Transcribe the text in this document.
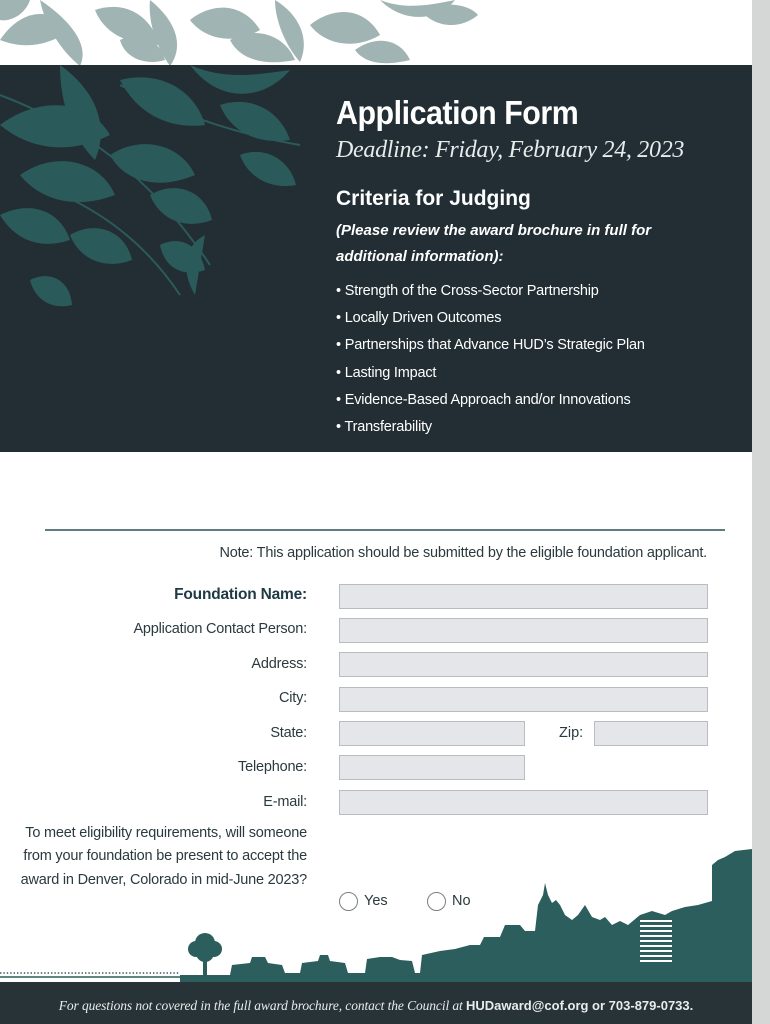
Application Form
Deadline: Friday, February 24, 2023
Criteria for Judging
(Please review the award brochure in full for additional information):
• Strength of the Cross-Sector Partnership
• Locally Driven Outcomes
• Partnerships that Advance HUD’s Strategic Plan
• Lasting Impact
• Evidence-Based Approach and/or Innovations
• Transferability
Note: This application should be submitted by the eligible foundation applicant.
Foundation Name:
Application Contact Person:
Address:
City:
State:	Zip:
Telephone:
E-mail:
To meet eligibility requirements, will someone from your foundation be present to accept the award in Denver, Colorado in mid-June 2023?
Yes	No
For questions not covered in the full award brochure, contact the Council at HUDaward@cof.org or 703-879-0733.
